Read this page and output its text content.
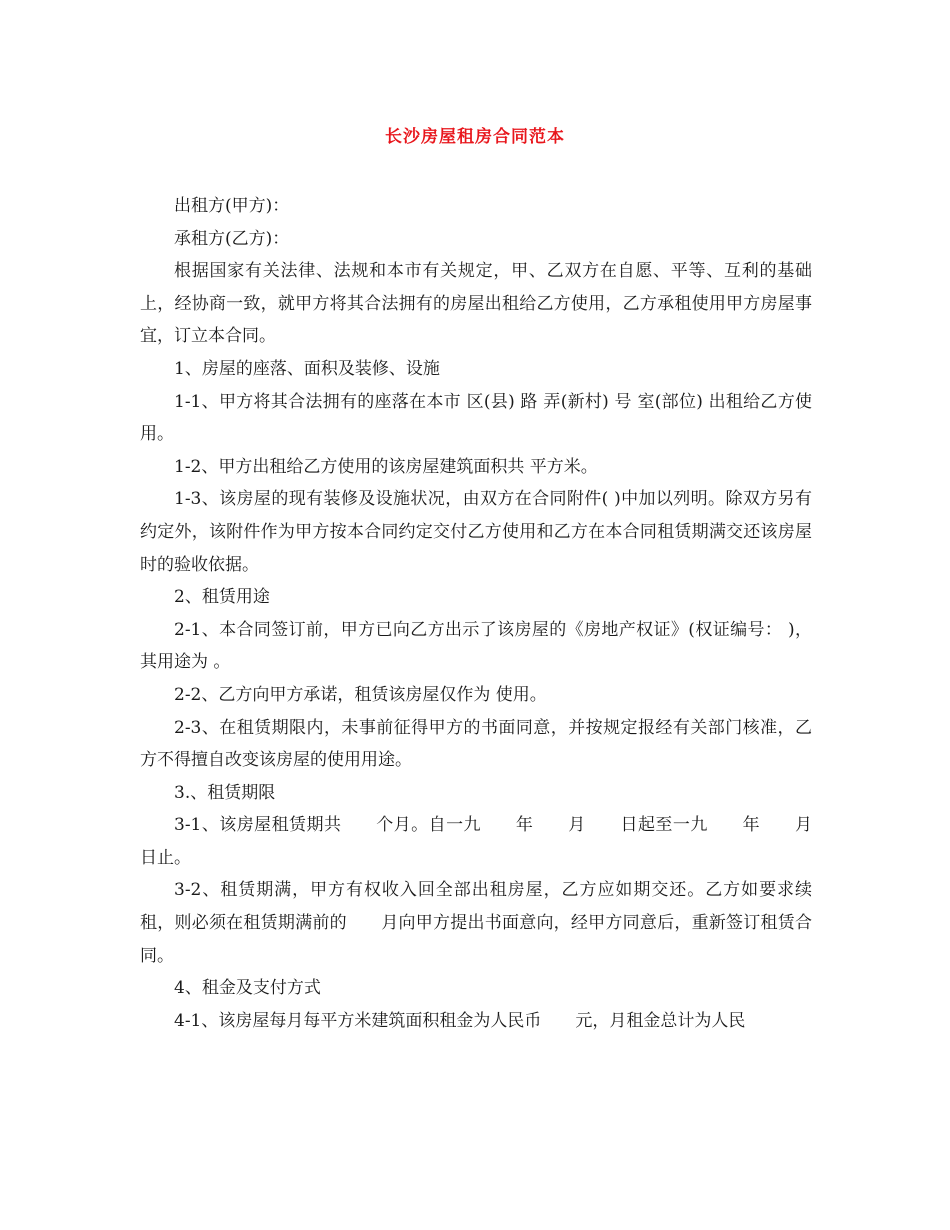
长沙房屋租房合同范本

出租方(甲方)：

承租方(乙方)：

根据国家有关法律、法规和本市有关规定，甲、乙双方在自愿、平等、互利的基础上，经协商一致，就甲方将其合法拥有的房屋出租给乙方使用，乙方承租使用甲方房屋事宜，订立本合同。

1、房屋的座落、面积及装修、设施

1-1、甲方将其合法拥有的座落在本市 区(县) 路 弄(新村) 号 室(部位) 出租给乙方使用。

1-2、甲方出租给乙方使用的该房屋建筑面积共 平方米。

1-3、该房屋的现有装修及设施状况，由双方在合同附件( )中加以列明。除双方另有约定外，该附件作为甲方按本合同约定交付乙方使用和乙方在本合同租赁期满交还该房屋时的验收依据。

2、租赁用途

2-1、本合同签订前，甲方已向乙方出示了该房屋的《房地产权证》(权证编号： )，其用途为 。

2-2、乙方向甲方承诺，租赁该房屋仅作为 使用。

2-3、在租赁期限内，未事前征得甲方的书面同意，并按规定报经有关部门核准，乙方不得擅自改变该房屋的使用用途。

3.、租赁期限

3-1、该房屋租赁期共　　个月。自一九　　年　　月　　日起至一九　　年　　月　　日止。

3-2、租赁期满，甲方有权收入回全部出租房屋，乙方应如期交还。乙方如要求续租，则必须在租赁期满前的　　月向甲方提出书面意向，经甲方同意后，重新签订租赁合同。

4、租金及支付方式

4-1、该房屋每月每平方米建筑面积租金为人民币　　元，月租金总计为人民
